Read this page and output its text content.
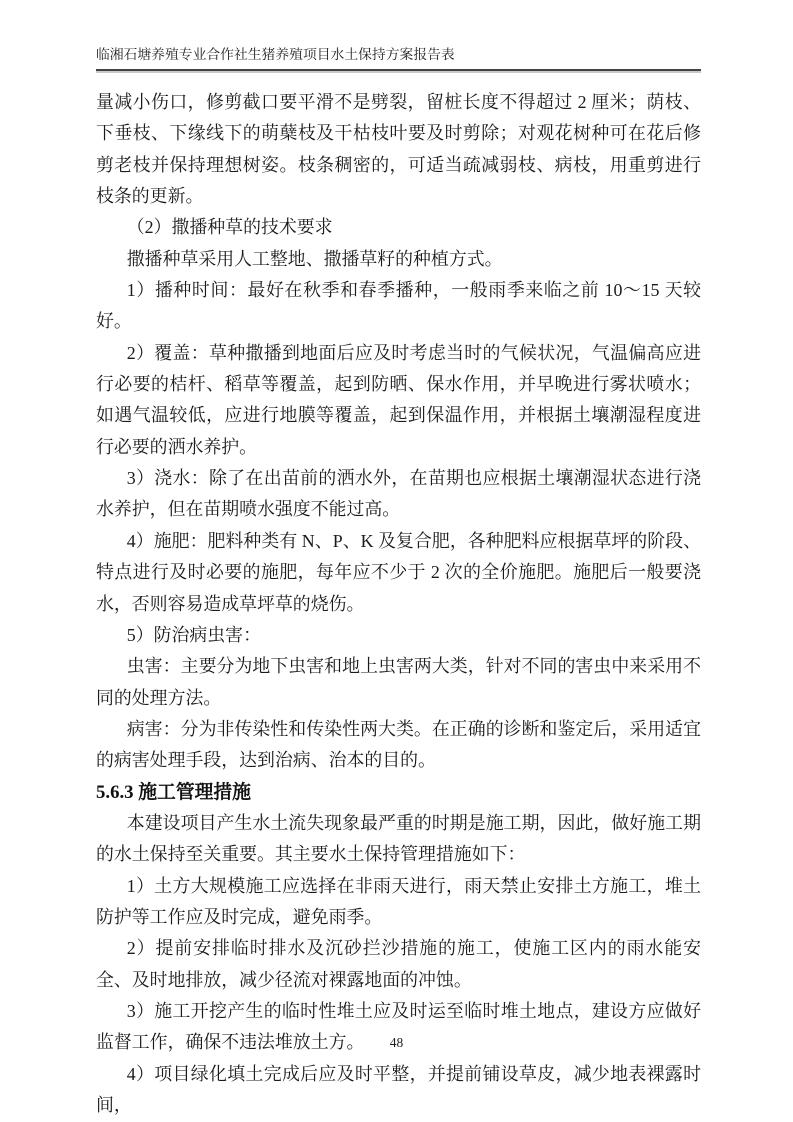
临湘石塘养殖专业合作社生猪养殖项目水土保持方案报告表

量减小伤口，修剪截口要平滑不是劈裂，留桩长度不得超过 2 厘米；荫枝、下垂枝、下缘线下的萌蘖枝及干枯枝叶要及时剪除；对观花树种可在花后修剪老枝并保持理想树姿。枝条稠密的，可适当疏减弱枝、病枝，用重剪进行枝条的更新。

（2）撒播种草的技术要求

撒播种草采用人工整地、撒播草籽的种植方式。

1）播种时间：最好在秋季和春季播种，一般雨季来临之前 10～15 天较好。

2）覆盖：草种撒播到地面后应及时考虑当时的气候状况，气温偏高应进行必要的桔杆、稻草等覆盖，起到防晒、保水作用，并早晚进行雾状喷水；如遇气温较低，应进行地膜等覆盖，起到保温作用，并根据土壤潮湿程度进行必要的洒水养护。

3）浇水：除了在出苗前的洒水外，在苗期也应根据土壤潮湿状态进行浇水养护，但在苗期喷水强度不能过高。

4）施肥：肥料种类有 N、P、K 及复合肥，各种肥料应根据草坪的阶段、特点进行及时必要的施肥，每年应不少于 2 次的全价施肥。施肥后一般要浇水，否则容易造成草坪草的烧伤。

5）防治病虫害：

虫害：主要分为地下虫害和地上虫害两大类，针对不同的害虫中来采用不同的处理方法。

病害：分为非传染性和传染性两大类。在正确的诊断和鉴定后，采用适宜的病害处理手段，达到治病、治本的目的。

5.6.3 施工管理措施

本建设项目产生水土流失现象最严重的时期是施工期，因此，做好施工期的水土保持至关重要。其主要水土保持管理措施如下：

1）土方大规模施工应选择在非雨天进行，雨天禁止安排土方施工，堆土防护等工作应及时完成，避免雨季。

2）提前安排临时排水及沉砂拦沙措施的施工，使施工区内的雨水能安全、及时地排放，减少径流对裸露地面的冲蚀。

3）施工开挖产生的临时性堆土应及时运至临时堆土地点，建设方应做好监督工作，确保不违法堆放土方。

4）项目绿化填土完成后应及时平整，并提前铺设草皮，减少地表裸露时间，

48
